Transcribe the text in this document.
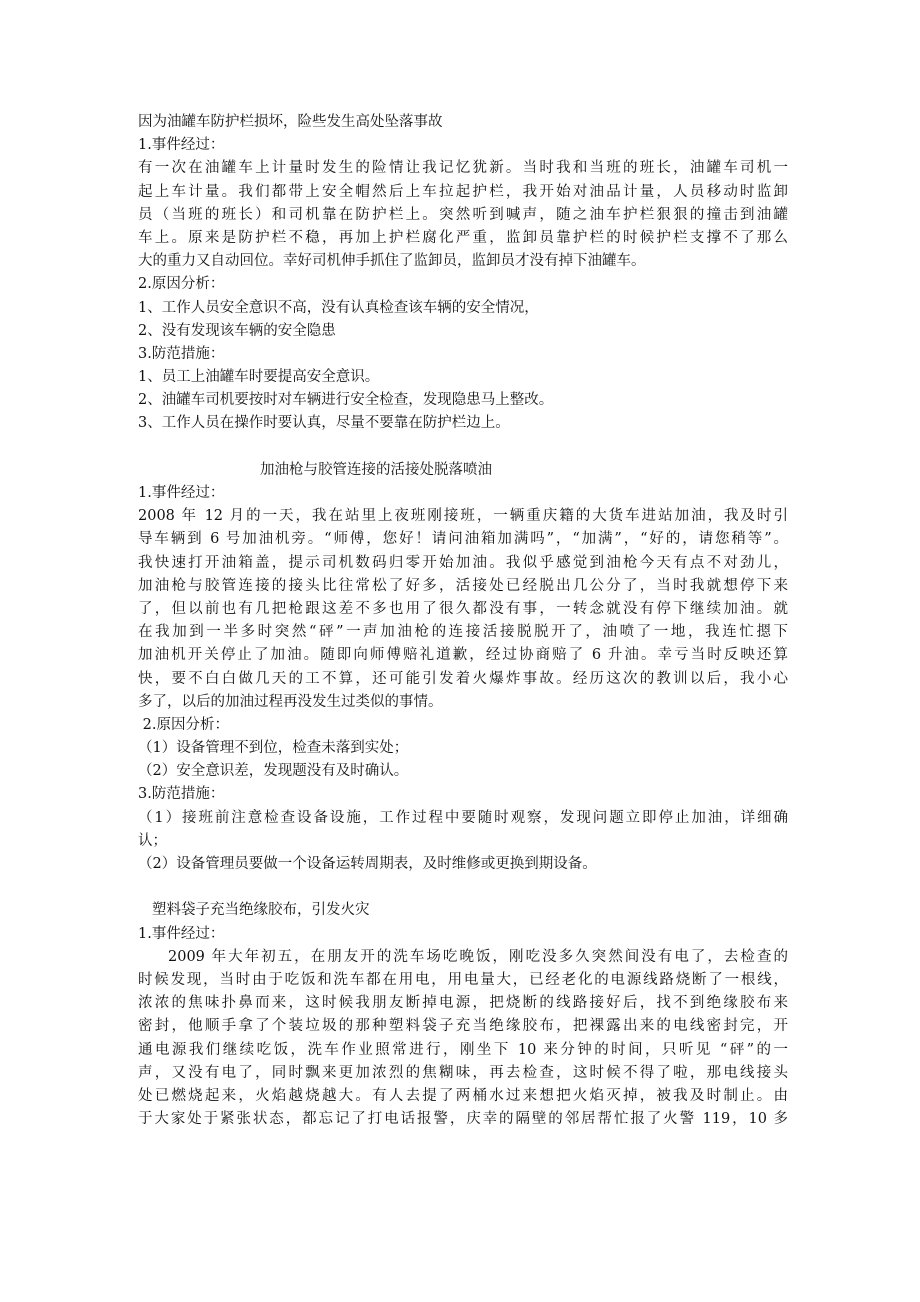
因为油罐车防护栏损坏，险些发生高处坠落事故
1.事件经过：
有一次在油罐车上计量时发生的险情让我记忆犹新。当时我和当班的班长，油罐车司机一
起上车计量。我们都带上安全帽然后上车拉起护栏，我开始对油品计量，人员移动时监卸
员（当班的班长）和司机靠在防护栏上。突然听到喊声，随之油车护栏狠狠的撞击到油罐
车上。原来是防护栏不稳，再加上护栏腐化严重，监卸员靠护栏的时候护栏支撑不了那么
大的重力又自动回位。幸好司机伸手抓住了监卸员，监卸员才没有掉下油罐车。
2.原因分析：
1、工作人员安全意识不高，没有认真检查该车辆的安全情况，
2、没有发现该车辆的安全隐患
3.防范措施：
1、员工上油罐车时要提高安全意识。
2、油罐车司机要按时对车辆进行安全检查，发现隐患马上整改。
3、工作人员在操作时要认真，尽量不要靠在防护栏边上。
加油枪与胶管连接的活接处脱落喷油
1.事件经过：
2008 年 12 月的一天，我在站里上夜班刚接班，一辆重庆籍的大货车进站加油，我及时引
导车辆到 6 号加油机旁。“师傅，您好！请问油箱加满吗”，“加满”，“好的，请您稍等”。
我快速打开油箱盖，提示司机数码归零开始加油。我似乎感觉到油枪今天有点不对劲儿，
加油枪与胶管连接的接头比往常松了好多，活接处已经脱出几公分了，当时我就想停下来
了，但以前也有几把枪跟这差不多也用了很久都没有事，一转念就没有停下继续加油。就
在我加到一半多时突然“砰”一声加油枪的连接活接脱脱开了，油喷了一地，我连忙摁下
加油机开关停止了加油。随即向师傅赔礼道歉，经过协商赔了 6 升油。幸亏当时反映还算
快，要不白白做几天的工不算，还可能引发着火爆炸事故。经历这次的教训以后，我小心
多了，以后的加油过程再没发生过类似的事情。
2.原因分析：
（1）设备管理不到位，检查未落到实处；
（2）安全意识差，发现题没有及时确认。
3.防范措施：
（1）接班前注意检查设备设施，工作过程中要随时观察，发现问题立即停止加油，详细确
认；
（2）设备管理员要做一个设备运转周期表，及时维修或更换到期设备。
塑料袋子充当绝缘胶布，引发火灾
1.事件经过：
2009 年大年初五，在朋友开的洗车场吃晚饭，刚吃没多久突然间没有电了，去检查的
时候发现，当时由于吃饭和洗车都在用电，用电量大，已经老化的电源线路烧断了一根线，
浓浓的焦味扑鼻而来，这时候我朋友断掉电源，把烧断的线路接好后，找不到绝缘胶布来
密封，他顺手拿了个装垃圾的那种塑料袋子充当绝缘胶布，把裸露出来的电线密封完，开
通电源我们继续吃饭，洗车作业照常进行，刚坐下 10 来分钟的时间，只听见 “砰”的一
声，又没有电了，同时飘来更加浓烈的焦糊味，再去检查，这时候不得了啦，那电线接头
处已燃烧起来，火焰越烧越大。有人去提了两桶水过来想把火焰灭掉，被我及时制止。由
于大家处于紧张状态，都忘记了打电话报警，庆幸的隔壁的邻居帮忙报了火警 119，10 多
